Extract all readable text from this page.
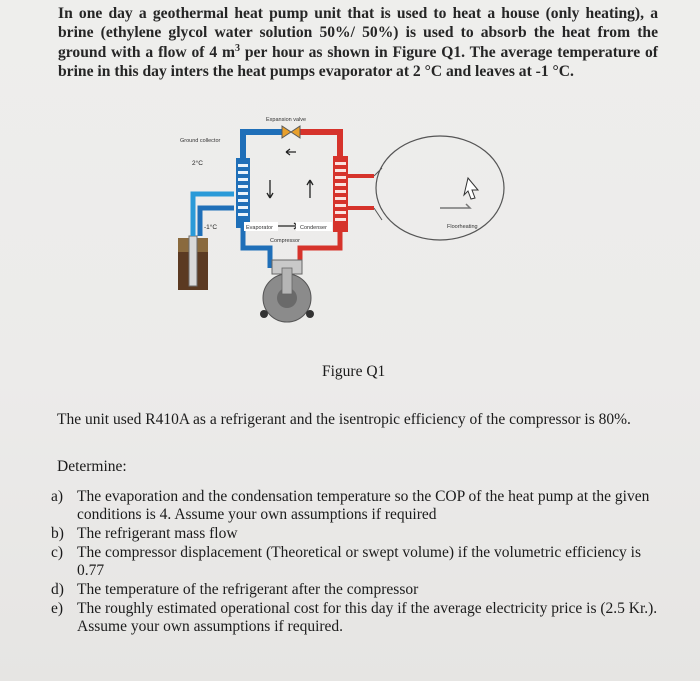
In one day a geothermal heat pump unit that is used to heat a house (only heating), a brine (ethylene glycol water solution 50%/ 50%) is used to absorb the heat from the ground with a flow of 4 $m^3$ per hour as shown in Figure Q1. The average temperature of brine in this day inters the heat pumps evaporator at 2 °C and leaves at -1 °C.

Expansion valve
Floorheating
Ground collector
2°C
-1°C	Evaporator	Condenser
Compressor
Figure Q1
The unit used R410A as a refrigerant and the isentropic efficiency of the compressor is 80%.
Determine:
a) The evaporation and the condensation temperature so the COP of the heat pump at the given conditions is 4. Assume your own assumptions if required
b) The refrigerant mass flow
c) The compressor displacement (Theoretical or swept volume) if the volumetric efficiency is 0.77
d) The temperature of the refrigerant after the compressor
e) The roughly estimated operational cost for this day if the average electricity price is (2.5 Kr.). Assume your own assumptions if required.
